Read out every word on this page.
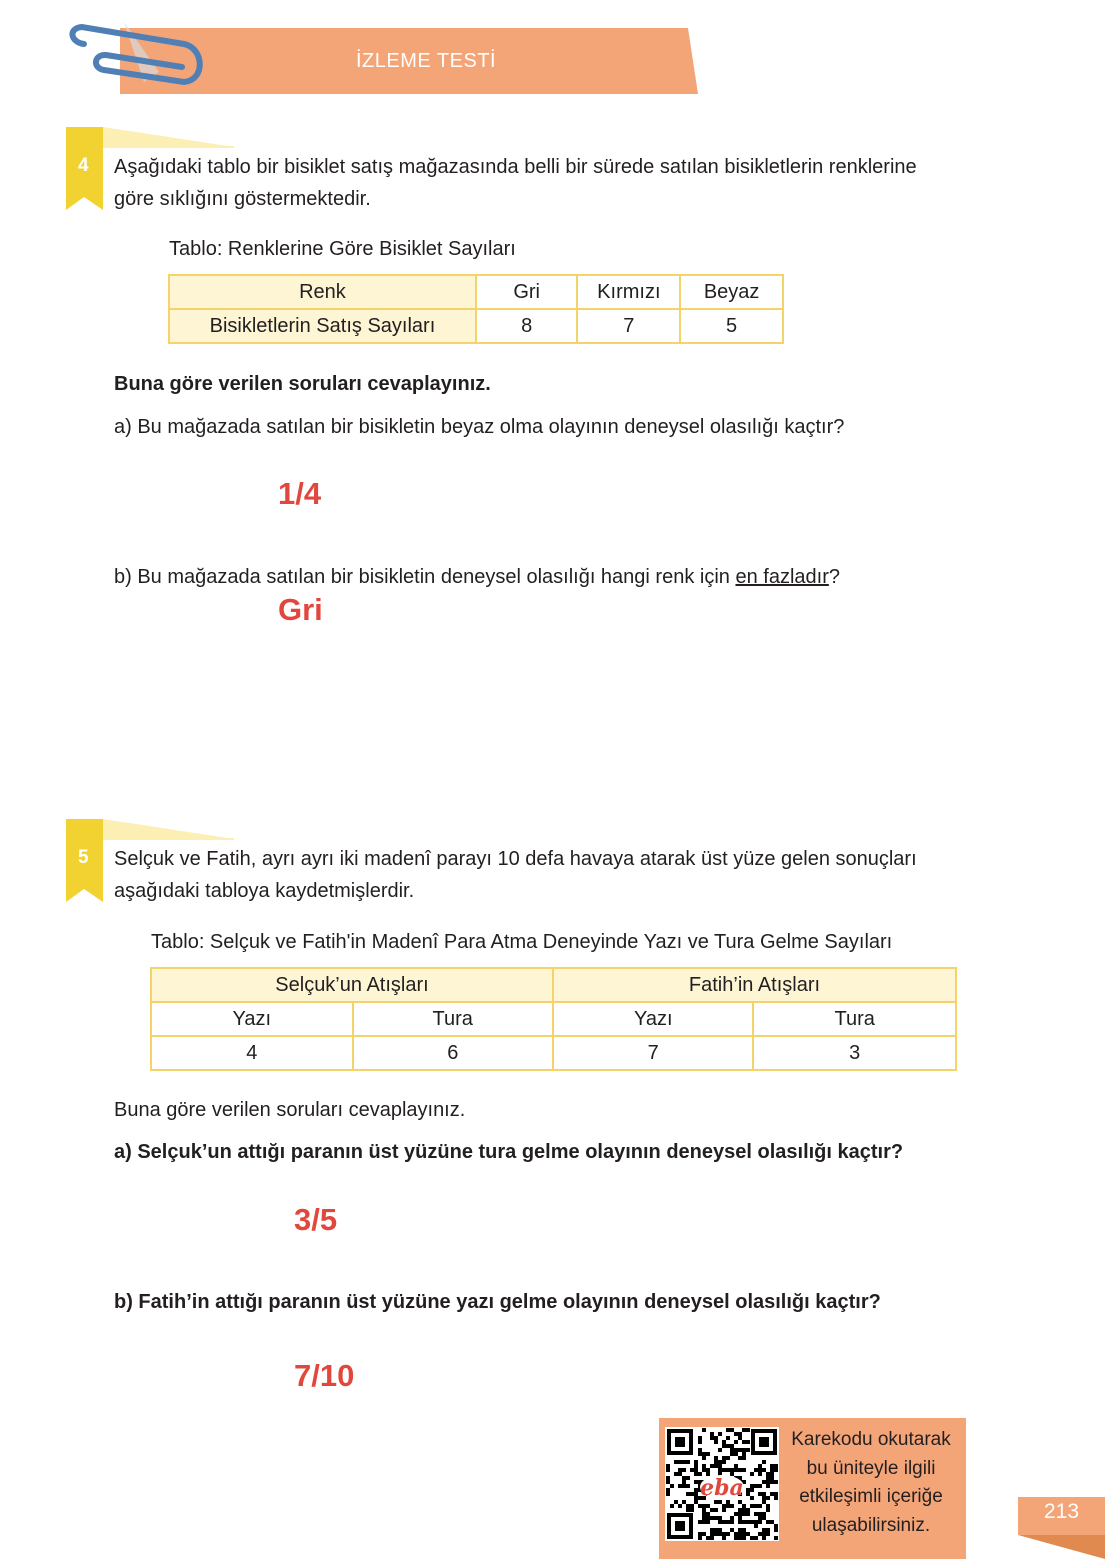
İZLEME TESTİ
4 Aşağıdaki tablo bir bisiklet satış mağazasında belli bir sürede satılan bisikletlerin renklerine
göre sıklığını göstermektedir.
Tablo: Renklerine Göre Bisiklet Sayıları
Renk	Gri	Kırmızı	Beyaz
Bisikletlerin Satış Sayıları	8	7	5
Buna göre verilen soruları cevaplayınız.
a) Bu mağazada satılan bir bisikletin beyaz olma olayının deneysel olasılığı kaçtır?
1/4
b) Bu mağazada satılan bir bisikletin deneysel olasılığı hangi renk için en fazladır?
Gri
5 Selçuk ve Fatih, ayrı ayrı iki madenî parayı 10 defa havaya atarak üst yüze gelen sonuçları
aşağıdaki tabloya kaydetmişlerdir.
Tablo: Selçuk ve Fatih'in Madenî Para Atma Deneyinde Yazı ve Tura Gelme Sayıları
Selçuk’un Atışları		Fatih’in Atışları	
Yazı	Tura	Yazı	Tura
4	6	7	3
Buna göre verilen soruları cevaplayınız.
a) Selçuk’un attığı paranın üst yüzüne tura gelme olayının deneysel olasılığı kaçtır?
3/5
b) Fatih’in attığı paranın üst yüzüne yazı gelme olayının deneysel olasılığı kaçtır?
7/10
eba
Karekodu okutarak
bu üniteyle ilgili
etkileşimli içeriğe
ulaşabilirsiniz.
213
